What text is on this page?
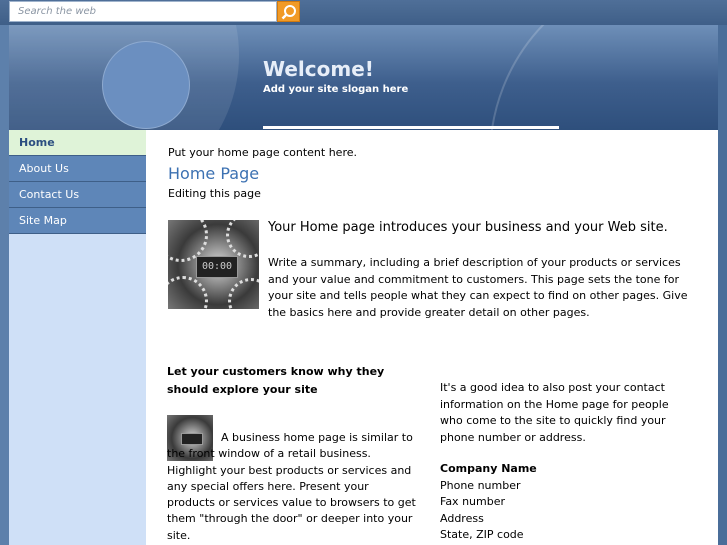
Search the web
Welcome!
Add your site slogan here
Home
About Us
Contact Us
Site Map
Put your home page content here.
Home Page
Editing this page
00:00
Your Home page introduces your business and your Web site.
Write a summary, including a brief description of your products or services and your value and commitment to customers. This page sets the tone for your site and tells people what they can expect to find on other pages. Give the basics here and provide greater detail on other pages.
Let your customers know why they should explore your site
A business home page is similar to the front window of a retail business. Highlight your best products or services and any special offers here. Present your products or services value to browsers to get them "through the door" or deeper into your site.
It's a good idea to also post your contact information on the Home page for people who come to the site to quickly find your phone number or address.
Company Name
Phone number
Fax number
Address
State, ZIP code
